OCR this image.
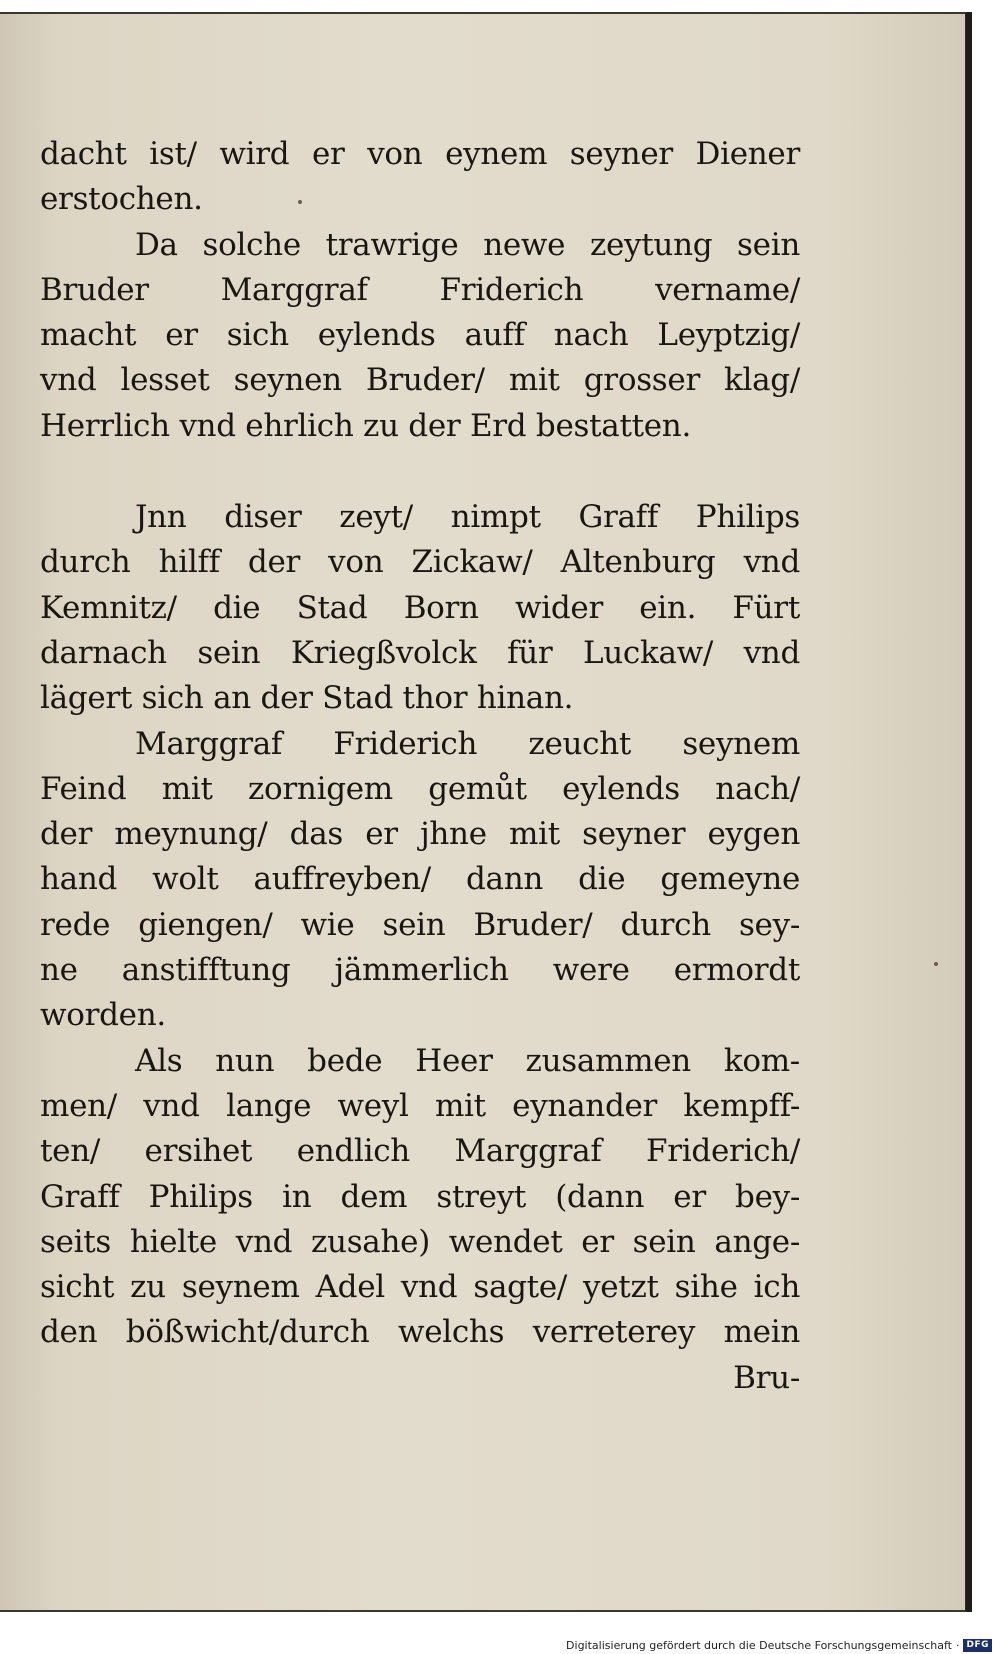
dacht ist/ wird er von eynem seyner Diener
erstochen.
Da solche trawrige newe zeytung sein
Bruder Marggraf Friderich vername/
macht er sich eylends auff nach Leyptzig/
vnd lesset seynen Bruder/ mit grosser klag/
Herrlich vnd ehrlich zu der Erd bestatten.
Jnn diser zeyt/ nimpt Graff Philips
durch hilff der von Zickaw/ Altenburg vnd
Kemnitz/ die Stad Born wider ein. Fürt
darnach sein Kriegßvolck für Luckaw/ vnd
lägert sich an der Stad thor hinan.
Marggraf Friderich zeucht seynem
Feind mit zornigem gemůt eylends nach/
der meynung/ das er jhne mit seyner eygen
hand wolt auffreyben/ dann die gemeyne
rede giengen/ wie sein Bruder/ durch sey-
ne anstifftung jämmerlich were ermordt
worden.
Als nun bede Heer zusammen kom-
men/ vnd lange weyl mit eynander kempff-
ten/ ersihet endlich Marggraf Friderich/
Graff Philips in dem streyt (dann er bey-
seits hielte vnd zusahe) wendet er sein ange-
sicht zu seynem Adel vnd sagte/ yetzt sihe ich
den bößwicht/durch welchs verreterey mein
Bru-
Digitalisierung gefördert durch die Deutsche Forschungsgemeinschaft · DFG
